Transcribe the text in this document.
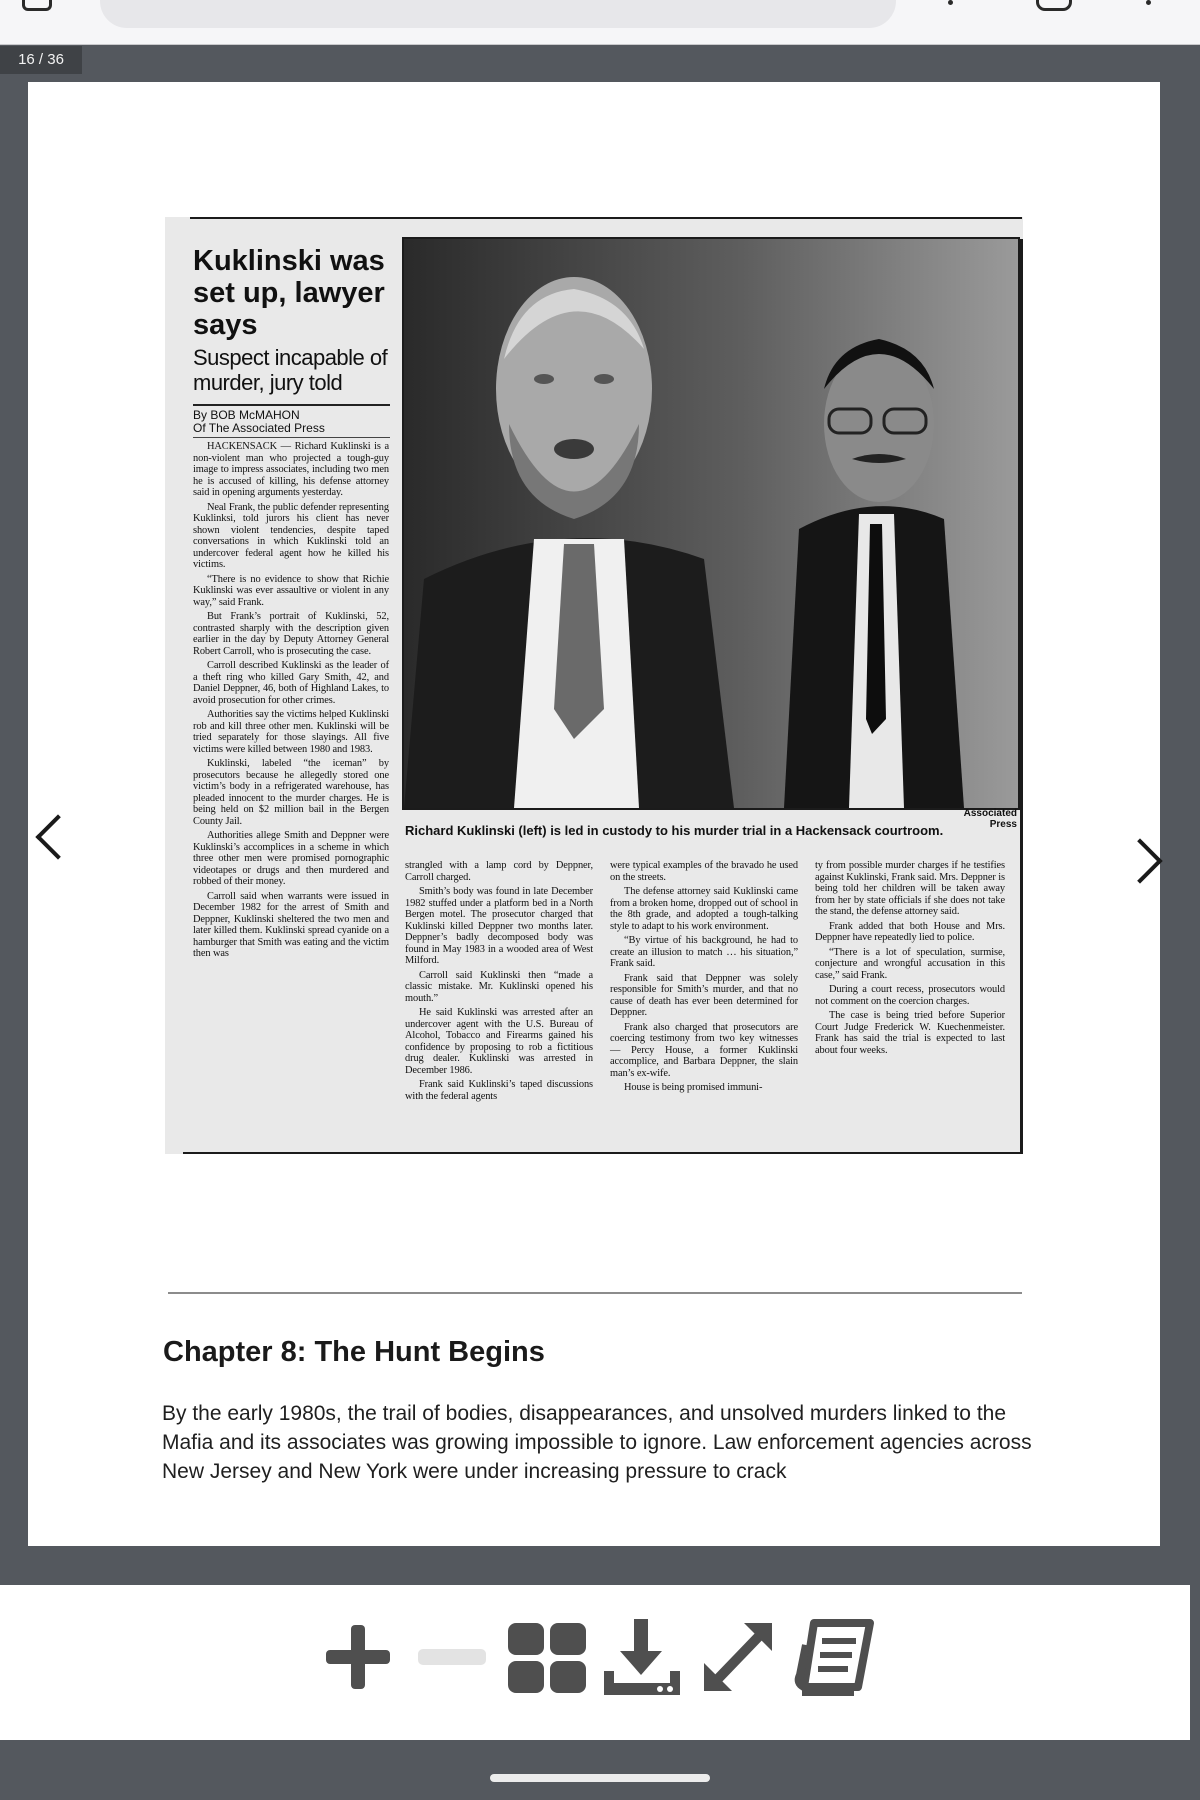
16 / 36
Kuklinski was set up, lawyer says

Suspect incapable of murder, jury told

By BOB McMAHON
Of The Associated Press

HACKENSACK — Richard Kuklinski is a non-violent man who projected a tough-guy image to impress associates, including two men he is accused of killing, his defense attorney said in opening arguments yesterday.

Neal Frank, the public defender representing Kuklinksi, told jurors his client has never shown violent tendencies, despite taped conversations in which Kuklinski told an undercover federal agent how he killed his victims.

“There is no evidence to show that Richie Kuklinski was ever assaultive or violent in any way,” said Frank.

But Frank’s portrait of Kuklinski, 52, contrasted sharply with the description given earlier in the day by Deputy Attorney General Robert Carroll, who is prosecuting the case.

Carroll described Kuklinski as the leader of a theft ring who killed Gary Smith, 42, and Daniel Deppner, 46, both of Highland Lakes, to avoid prosecution for other crimes.

Authorities say the victims helped Kuklinski rob and kill three other men. Kuklinski will be tried separately for those slayings. All five victims were killed between 1980 and 1983.

Kuklinski, labeled “the iceman” by prosecutors because he allegedly stored one victim’s body in a refrigerated warehouse, has pleaded innocent to the murder charges. He is being held on $2 million bail in the Bergen County Jail.

Authorities allege Smith and Deppner were Kuklinski’s accomplices in a scheme in which three other men were promised pornographic videotapes or drugs and then murdered and robbed of their money.

Carroll said when warrants were issued in December 1982 for the arrest of Smith and Deppner, Kuklinski sheltered the two men and later killed them. Kuklinski spread cyanide on a hamburger that Smith was eating and the victim then was

Associated Press
Richard Kuklinski (left) is led in custody to his murder trial in a Hackensack courtroom.

strangled with a lamp cord by Deppner, Carroll charged.

Smith’s body was found in late December 1982 stuffed under a platform bed in a North Bergen motel. The prosecutor charged that Kuklinski killed Deppner two months later. Deppner’s badly decomposed body was found in May 1983 in a wooded area of West Milford.

Carroll said Kuklinski then “made a classic mistake. Mr. Kuklinski opened his mouth.”

He said Kuklinski was arrested after an undercover agent with the U.S. Bureau of Alcohol, Tobacco and Firearms gained his confidence by proposing to rob a fictitious drug dealer. Kuklinski was arrested in December 1986.

Frank said Kuklinski’s taped discussions with the federal agents

were typical examples of the bravado he used on the streets.

The defense attorney said Kuklinski came from a broken home, dropped out of school in the 8th grade, and adopted a tough-talking style to adapt to his work environment.

“By virtue of his background, he had to create an illusion to match … his situation,” Frank said.

Frank said that Deppner was solely responsible for Smith’s murder, and that no cause of death has ever been determined for Deppner.

Frank also charged that prosecutors are coercing testimony from two key witnesses — Percy House, a former Kuklinski accomplice, and Barbara Deppner, the slain man’s ex-wife.

House is being promised immuni-

ty from possible murder charges if he testifies against Kuklinski, Frank said. Mrs. Deppner is being told her children will be taken away from her by state officials if she does not take the stand, the defense attorney said.

Frank added that both House and Mrs. Deppner have repeatedly lied to police.

“There is a lot of speculation, surmise, conjecture and wrongful accusation in this case,” said Frank.

During a court recess, prosecutors would not comment on the coercion charges.

The case is being tried before Superior Court Judge Frederick W. Kuechenmeister. Frank has said the trial is expected to last about four weeks.

Chapter 8: The Hunt Begins

By the early 1980s, the trail of bodies, disappearances, and unsolved murders linked to the Mafia and its associates was growing impossible to ignore. Law enforcement agencies across New Jersey and New York were under increasing pressure to crack
